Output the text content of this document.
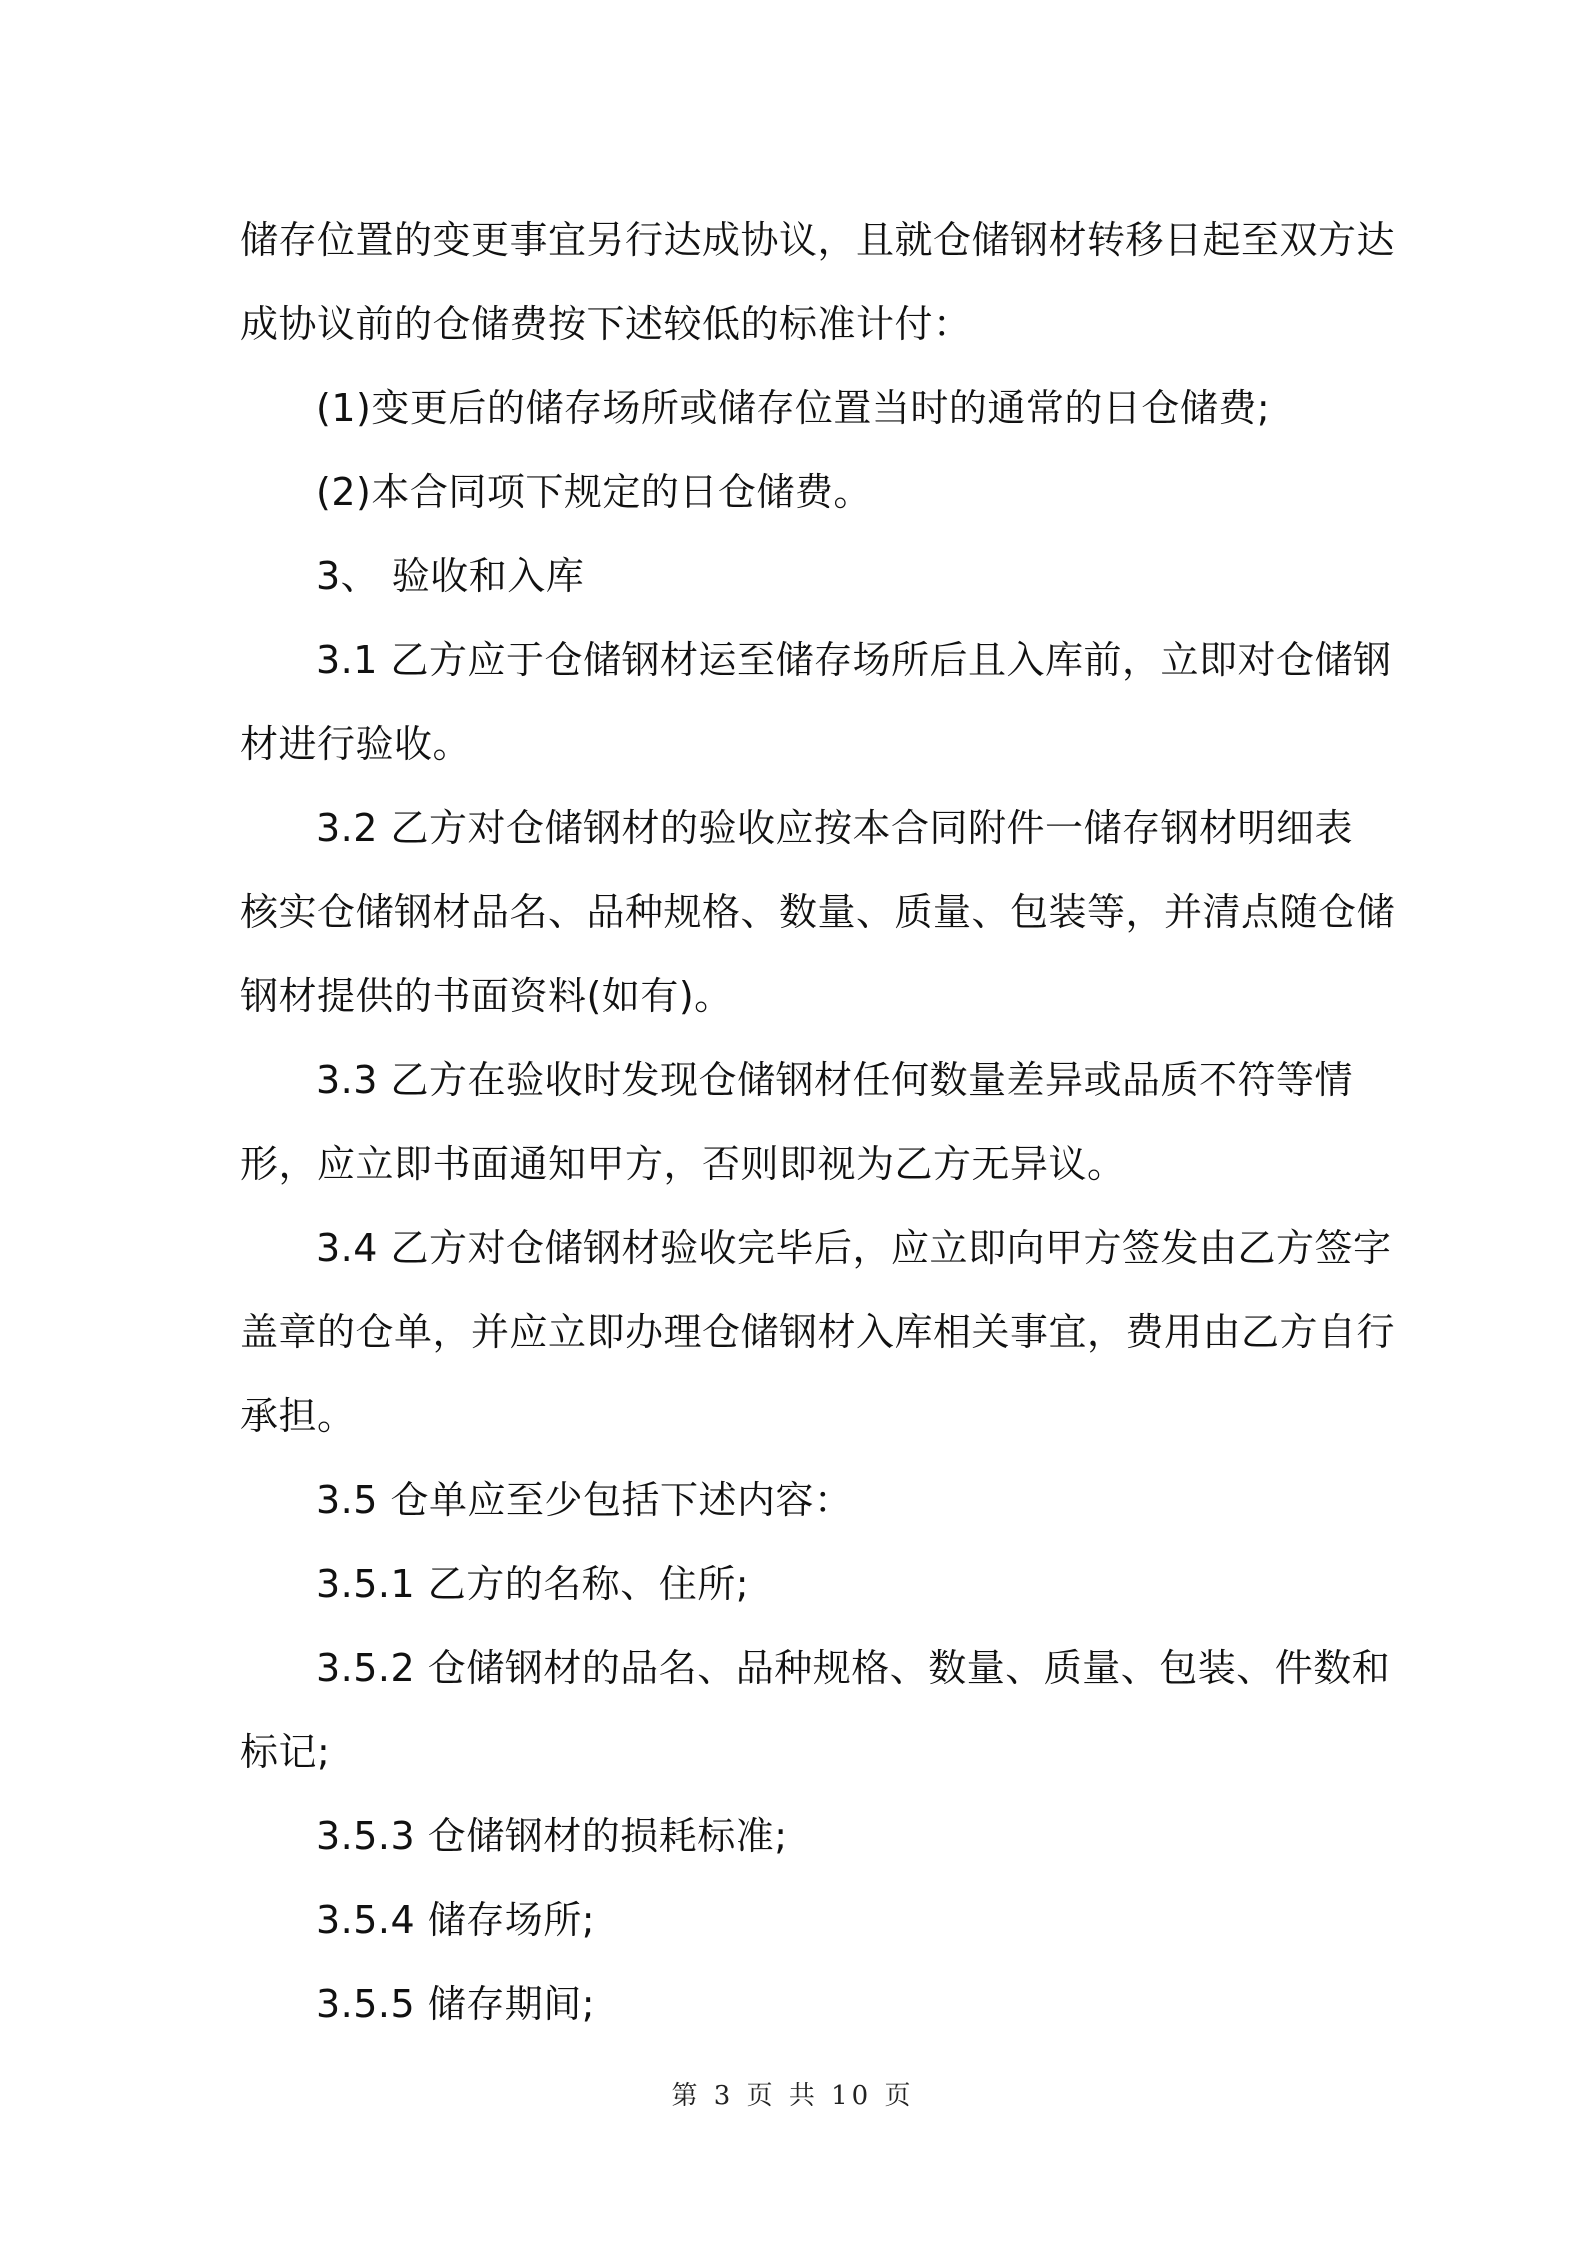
储存位置的变更事宜另行达成协议，且就仓储钢材转移日起至双方达
成协议前的仓储费按下述较低的标准计付：
(1)变更后的储存场所或储存位置当时的通常的日仓储费;
(2)本合同项下规定的日仓储费。
3、 验收和入库
3.1 乙方应于仓储钢材运至储存场所后且入库前，立即对仓储钢
材进行验收。
3.2 乙方对仓储钢材的验收应按本合同附件一储存钢材明细表
核实仓储钢材品名、品种规格、数量、质量、包装等，并清点随仓储
钢材提供的书面资料(如有)。
3.3 乙方在验收时发现仓储钢材任何数量差异或品质不符等情
形，应立即书面通知甲方，否则即视为乙方无异议。
3.4 乙方对仓储钢材验收完毕后，应立即向甲方签发由乙方签字
盖章的仓单，并应立即办理仓储钢材入库相关事宜，费用由乙方自行
承担。
3.5 仓单应至少包括下述内容：
3.5.1 乙方的名称、住所;
3.5.2 仓储钢材的品名、品种规格、数量、质量、包装、件数和
标记;
3.5.3 仓储钢材的损耗标准;
3.5.4 储存场所;
3.5.5 储存期间;
第 3 页 共 10 页
